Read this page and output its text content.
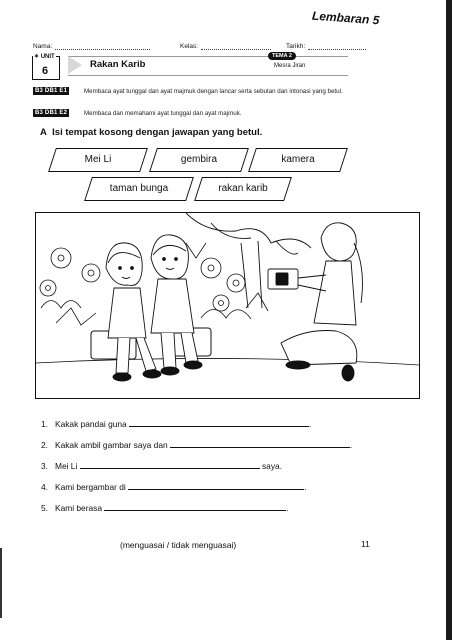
Lembaran 5
Nama:	Kelas:	Tarikh:
✶ UNIT
6
Rakan Karib
TEMA 2
Mesra Jiran
B3 DB1 E1	Membaca ayat tunggal dan ayat majmuk dengan lancar serta sebutan dan intonasi yang betul.
B3 DB1 E2	Membaca dan memahami ayat tunggal dan ayat majmuk.
A Isi tempat kosong dengan jawapan yang betul.
Mei Li	gembira	kamera
taman bunga	rakan karib
1. Kakak pandai guna	.
2. Kakak ambil gambar saya dan	.
3. Mei Li	saya.
4. Kami bergambar di	.
5. Kami berasa	.
(menguasai / tidak menguasai)	11
